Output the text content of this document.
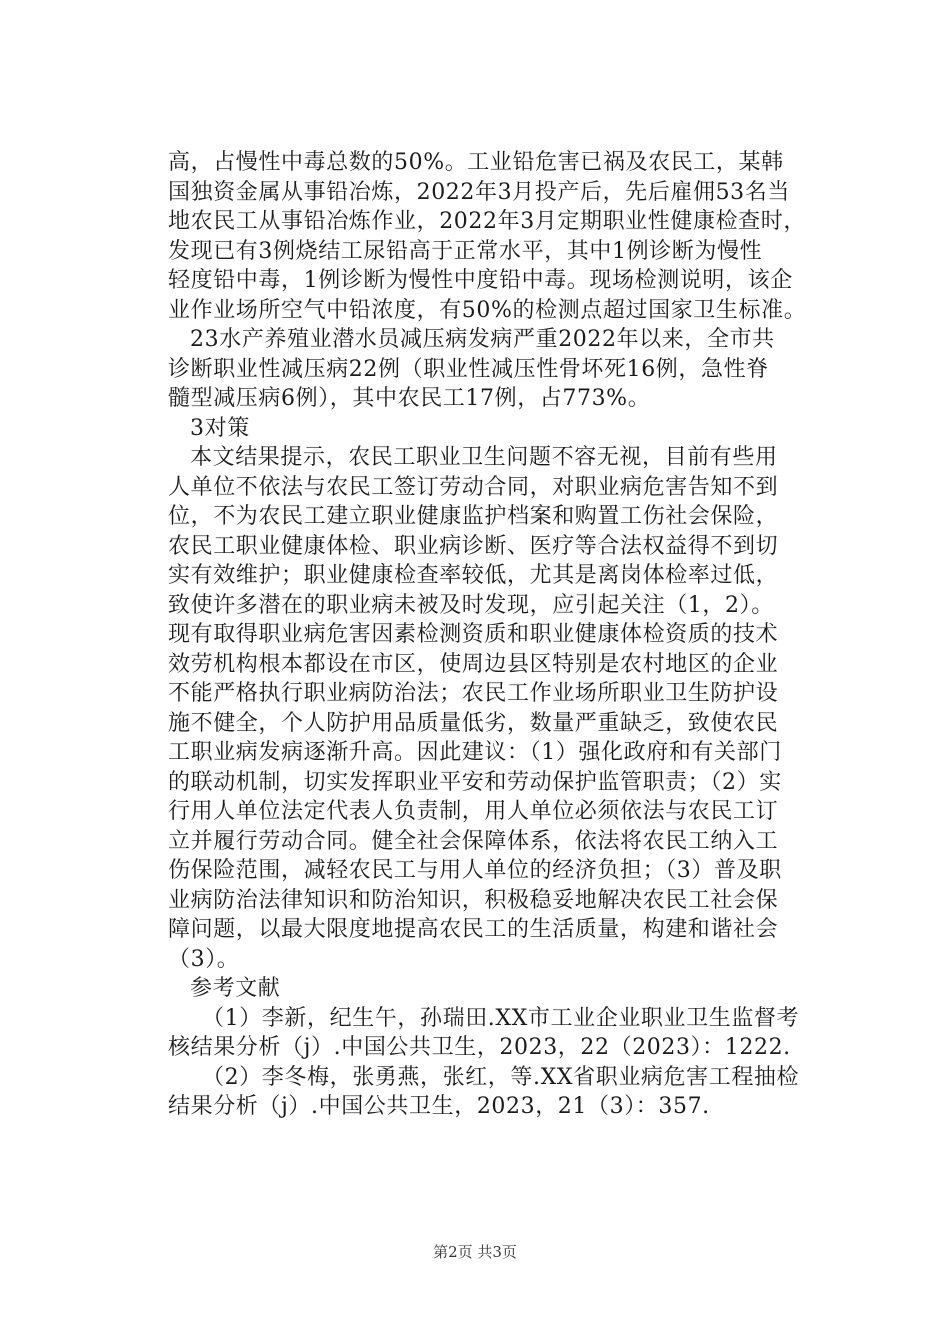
高，占慢性中毒总数的50%。工业铅危害已祸及农民工，某韩
国独资金属从事铅冶炼，2022年3月投产后，先后雇佣53名当
地农民工从事铅冶炼作业，2022年3月定期职业性健康检查时，
发现已有3例烧结工尿铅高于正常水平，其中1例诊断为慢性
轻度铅中毒，1例诊断为慢性中度铅中毒。现场检测说明，该企
业作业场所空气中铅浓度，有50%的检测点超过国家卫生标准。
23水产养殖业潜水员减压病发病严重2022年以来，全市共
诊断职业性减压病22例（职业性减压性骨坏死16例，急性脊
髓型减压病6例），其中农民工17例，占773%。
3对策
本文结果提示，农民工职业卫生问题不容无视，目前有些用
人单位不依法与农民工签订劳动合同，对职业病危害告知不到
位，不为农民工建立职业健康监护档案和购置工伤社会保险，
农民工职业健康体检、职业病诊断、医疗等合法权益得不到切
实有效维护；职业健康检查率较低，尤其是离岗体检率过低，
致使许多潜在的职业病未被及时发现，应引起关注（1，2）。
现有取得职业病危害因素检测资质和职业健康体检资质的技术
效劳机构根本都设在市区，使周边县区特别是农村地区的企业
不能严格执行职业病防治法；农民工作业场所职业卫生防护设
施不健全，个人防护用品质量低劣，数量严重缺乏，致使农民
工职业病发病逐渐升高。因此建议：（1）强化政府和有关部门
的联动机制，切实发挥职业平安和劳动保护监管职责；（2）实
行用人单位法定代表人负责制，用人单位必须依法与农民工订
立并履行劳动合同。健全社会保障体系，依法将农民工纳入工
伤保险范围，减轻农民工与用人单位的经济负担；（3）普及职
业病防治法律知识和防治知识，积极稳妥地解决农民工社会保
障问题，以最大限度地提高农民工的生活质量，构建和谐社会
（3）。
参考文献
（1）李新，纪生午，孙瑞田.XX市工业企业职业卫生监督考
核结果分析（j）.中国公共卫生，2023，22（2023）：1222.
（2）李冬梅，张勇燕，张红，等.XX省职业病危害工程抽检
结果分析（j）.中国公共卫生，2023，21（3）：357.
第2页 共3页
